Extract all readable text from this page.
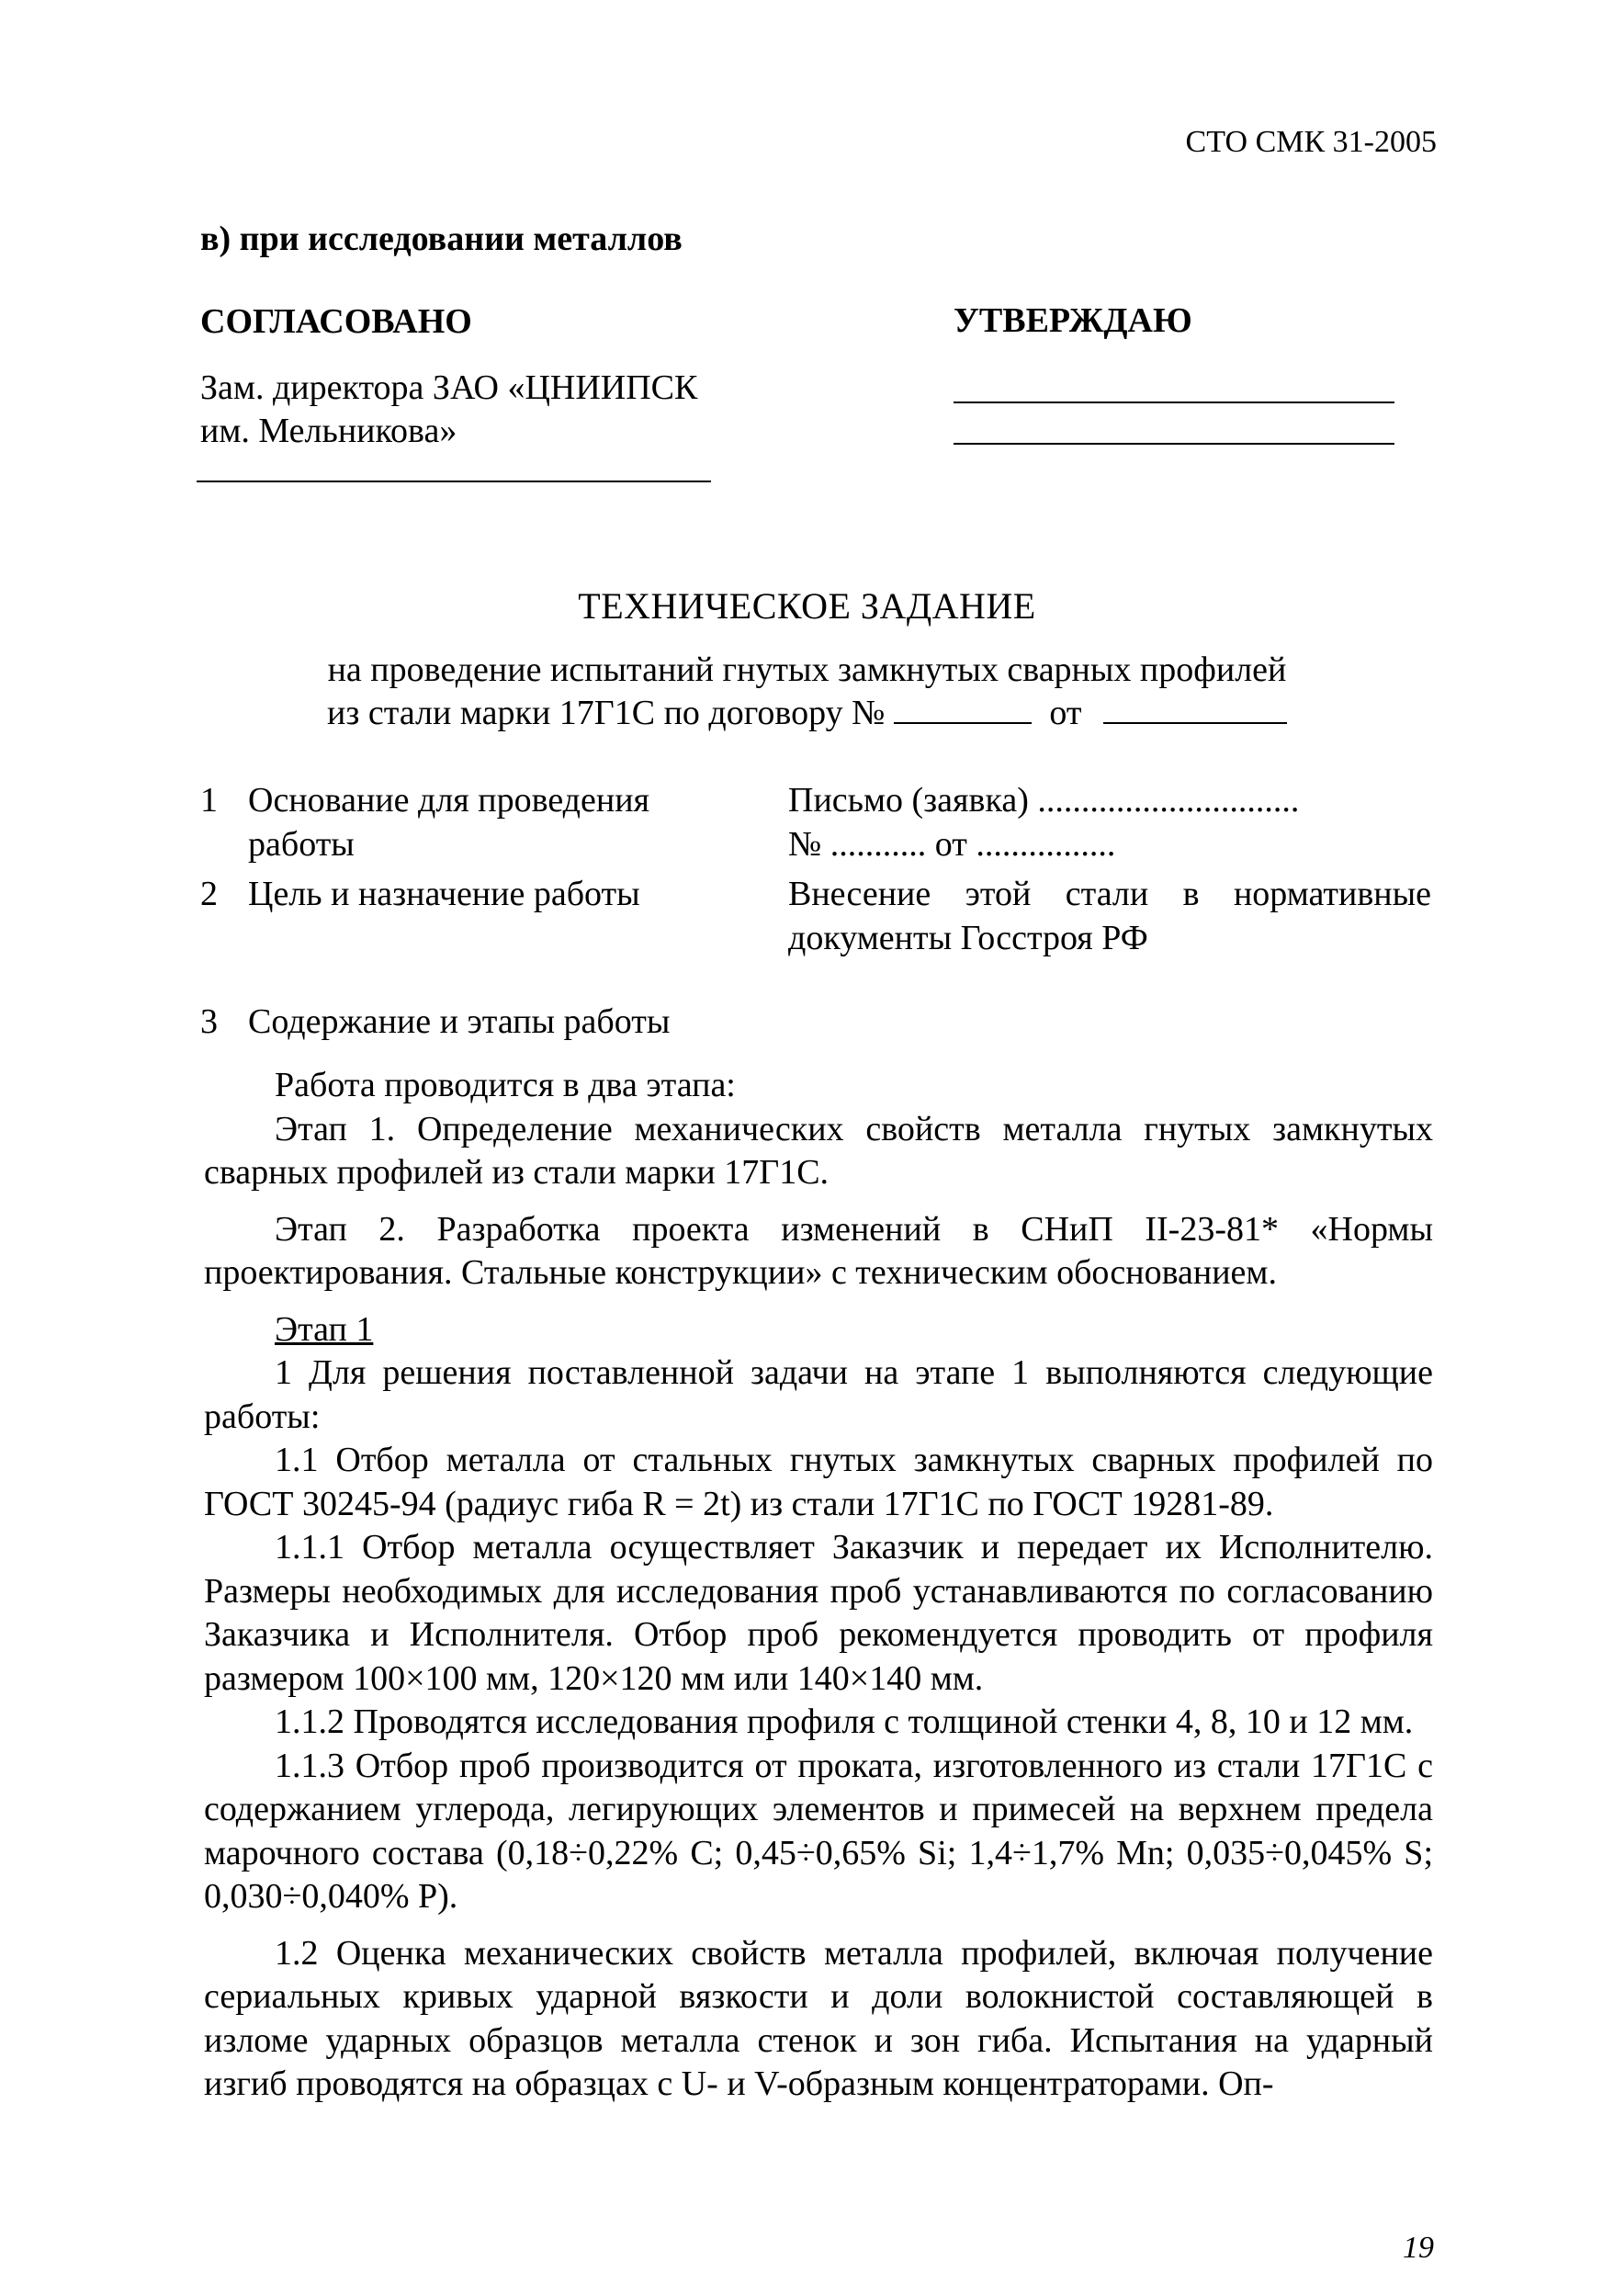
СТО СМК 31-2005
в) при исследовании металлов
СОГЛАСОВАНО
Зам. директора ЗАО «ЦНИИПСК
им. Мельникова»
УТВЕРЖДАЮ
ТЕХНИЧЕСКОЕ ЗАДАНИЕ
на проведение испытаний гнутых замкнутых сварных профилей
из стали марки 17Г1С по договору №	от
1 Основание для проведения работы
Письмо (заявка) ..............................
№ ........... от ................
2 Цель и назначение работы	Внесение этой стали в нормативные документы Госстроя РФ
3 Содержание и этапы работы

Работа проводится в два этапа:

Этап 1. Определение механических свойств металла гнутых замкнутых сварных профилей из стали марки 17Г1С.

Этап 2. Разработка проекта изменений в СНиП II-23-81* «Нормы проектирования. Стальные конструкции» с техническим обоснованием.

Этап 1

1 Для решения поставленной задачи на этапе 1 выполняются следующие работы:

1.1 Отбор металла от стальных гнутых замкнутых сварных профилей по ГОСТ 30245-94 (радиус гиба R = 2t) из стали 17Г1С по ГОСТ 19281-89.

1.1.1 Отбор металла осуществляет Заказчик и передает их Исполнителю. Размеры необходимых для исследования проб устанавливаются по согласованию Заказчика и Исполнителя. Отбор проб рекомендуется проводить от профиля размером 100×100 мм, 120×120 мм или 140×140 мм.

1.1.2 Проводятся исследования профиля с толщиной стенки 4, 8, 10 и 12 мм.

1.1.3 Отбор проб производится от проката, изготовленного из стали 17Г1С с содержанием углерода, легирующих элементов и примесей на верхнем предела марочного состава (0,18÷0,22% С; 0,45÷0,65% Si; 1,4÷1,7% Mn; 0,035÷0,045% S; 0,030÷0,040% P).

1.2 Оценка механических свойств металла профилей, включая получение сериальных кривых ударной вязкости и доли волокнистой составляющей в изломе ударных образцов металла стенок и зон гиба. Испытания на ударный изгиб проводятся на образцах с U- и V-образным концентраторами. Оп-

19
